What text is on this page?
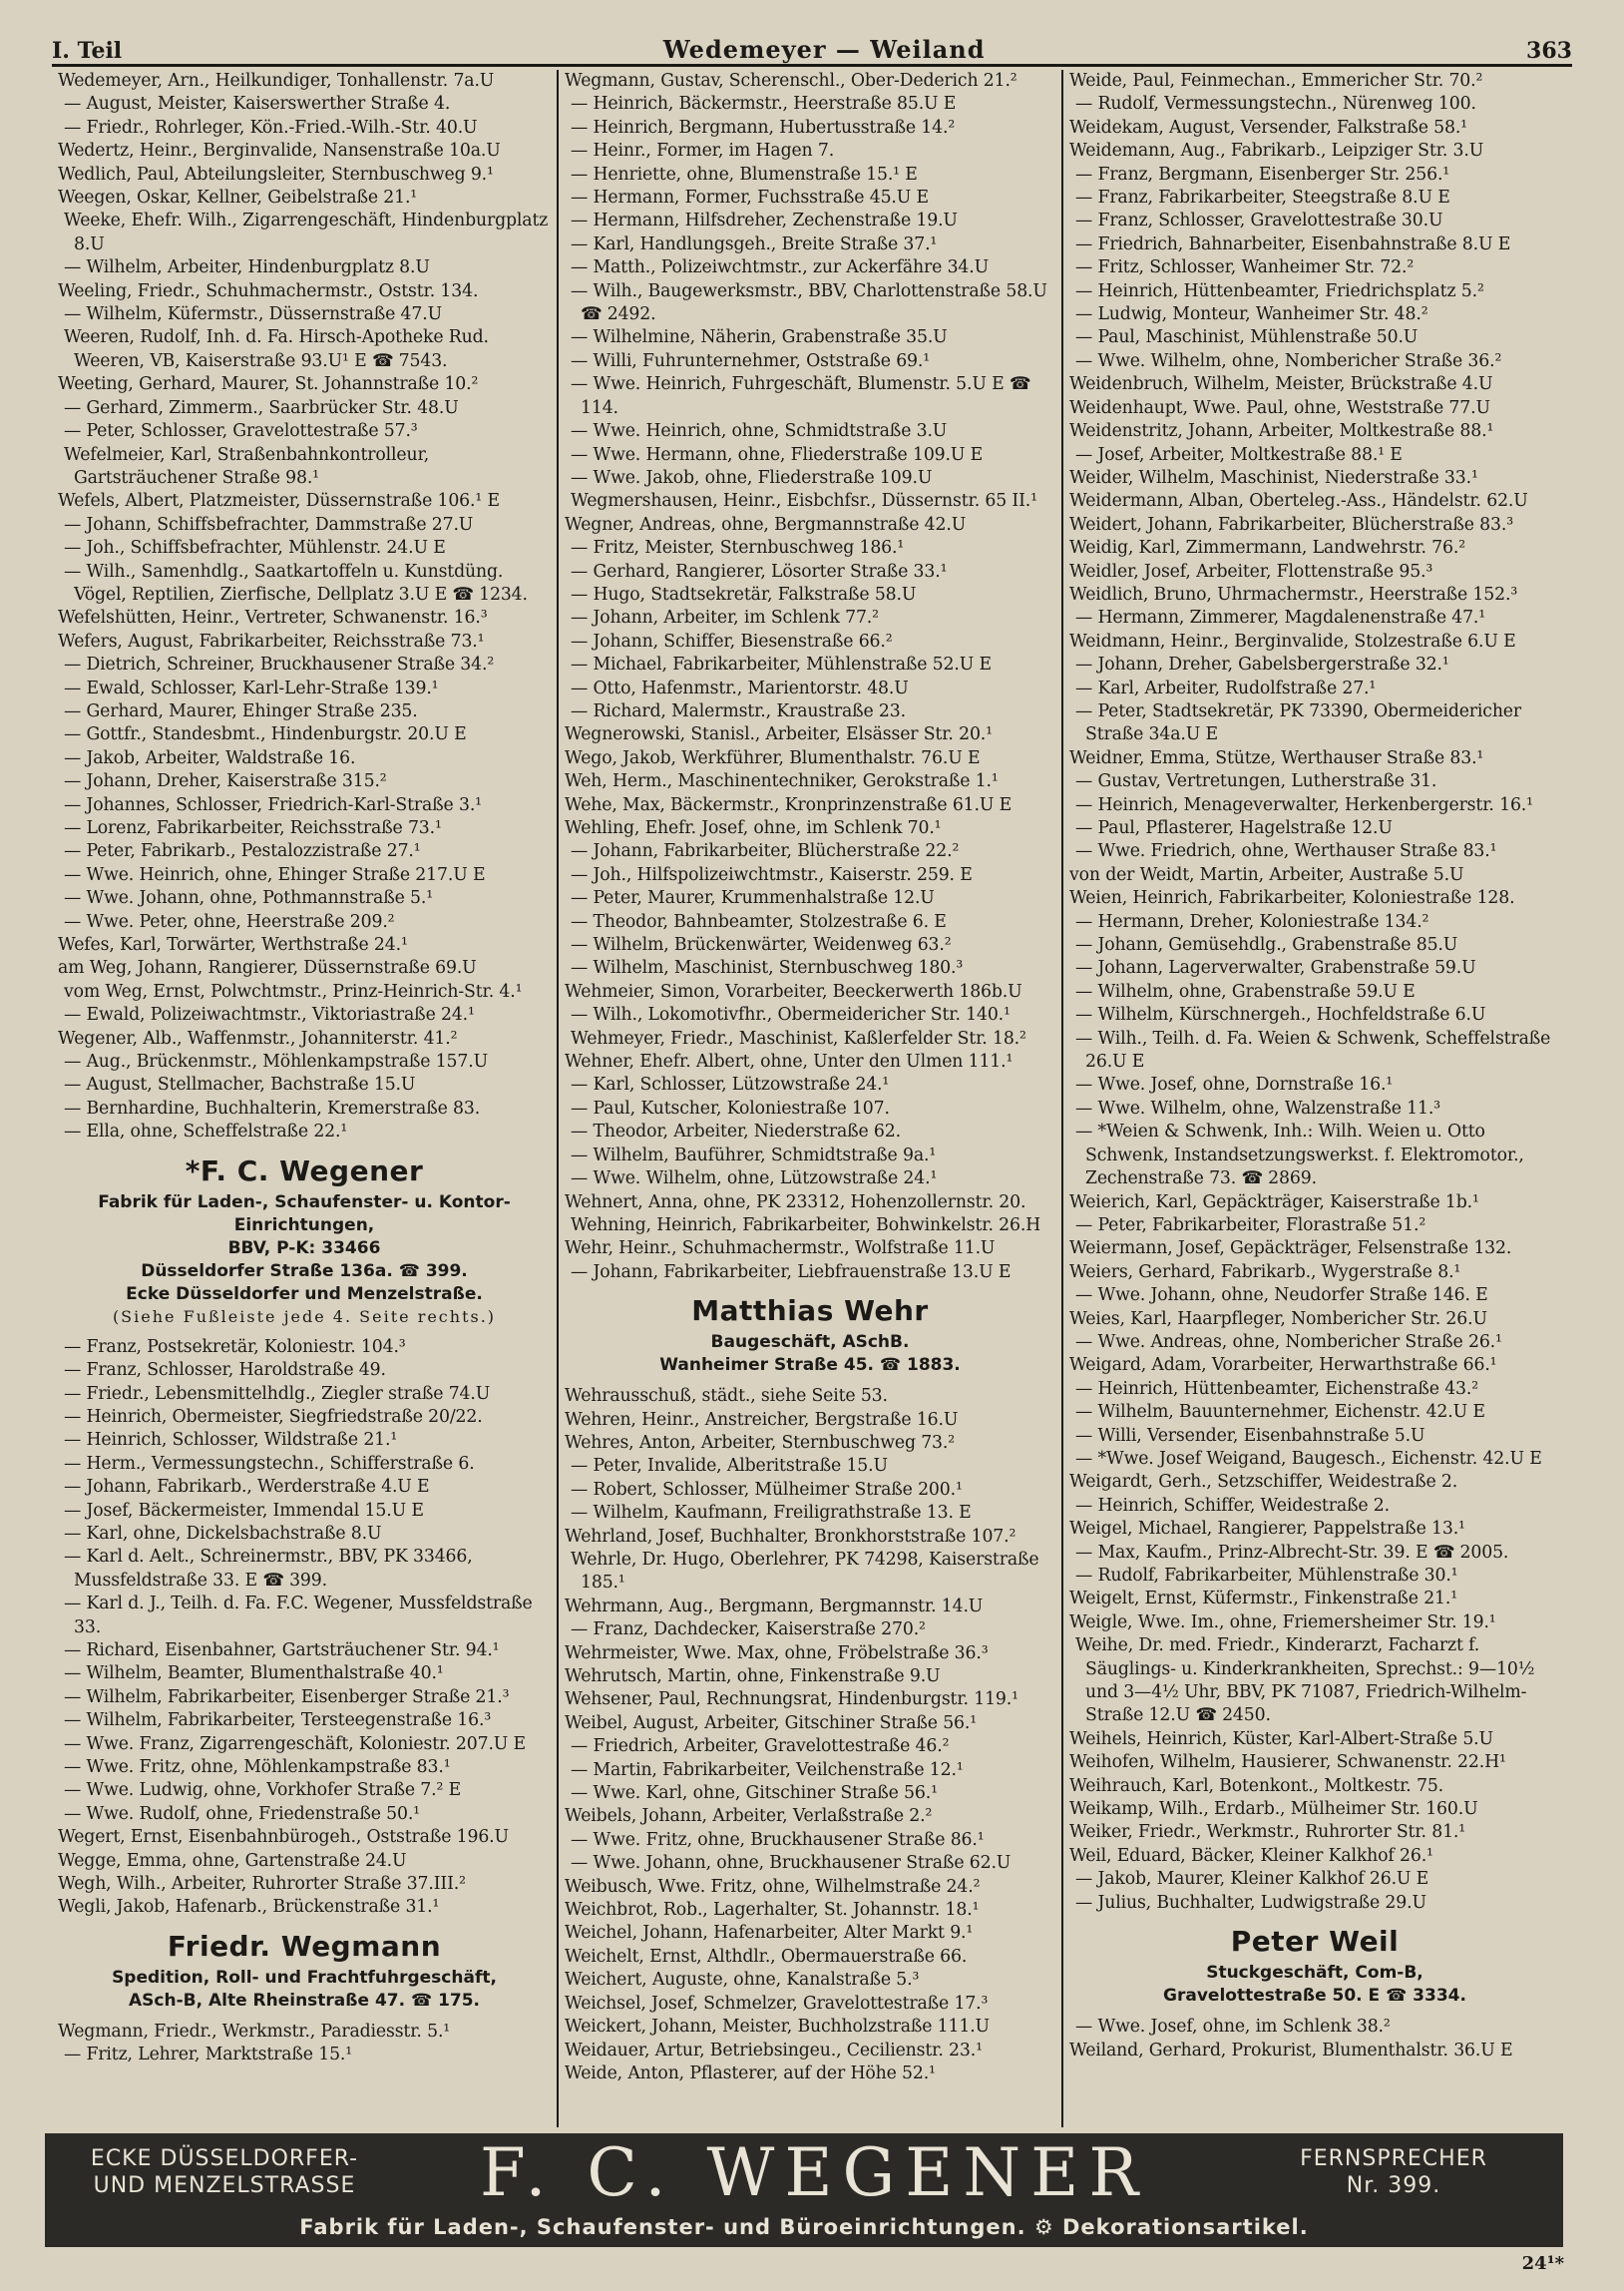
I. Teil	Wedemeyer — Weiland	363
Wedemeyer, Arn., Heilkundiger, Tonhallenstr. 7a.U
— August, Meister, Kaiserswerther Straße 4.
— Friedr., Rohrleger, Kön.-Fried.-Wilh.-Str. 40.U
Wedertz, Heinr., Berginvalide, Nansenstraße 10a.U
Wedlich, Paul, Abteilungsleiter, Sternbuschweg 9.¹
Weegen, Oskar, Kellner, Geibelstraße 21.¹
Weeke, Ehefr. Wilh., Zigarrengeschäft, Hindenburgplatz 8.U
— Wilhelm, Arbeiter, Hindenburgplatz 8.U
Weeling, Friedr., Schuhmachermstr., Oststr. 134.
— Wilhelm, Küfermstr., Düssernstraße 47.U
Weeren, Rudolf, Inh. d. Fa. Hirsch-Apotheke Rud. Weeren, VB, Kaiserstraße 93.U¹ E ☎ 7543.
Weeting, Gerhard, Maurer, St. Johannstraße 10.²
— Gerhard, Zimmerm., Saarbrücker Str. 48.U
— Peter, Schlosser, Gravelottestraße 57.³
Wefelmeier, Karl, Straßenbahnkontrolleur, Gartsträuchener Straße 98.¹
Wefels, Albert, Platzmeister, Düssernstraße 106.¹ E
— Johann, Schiffsbefrachter, Dammstraße 27.U
— Joh., Schiffsbefrachter, Mühlenstr. 24.U E
— Wilh., Samenhdlg., Saatkartoffeln u. Kunstdüng. Vögel, Reptilien, Zierfische, Dellplatz 3.U E ☎ 1234.
Wefelshütten, Heinr., Vertreter, Schwanenstr. 16.³
Wefers, August, Fabrikarbeiter, Reichsstraße 73.¹
— Dietrich, Schreiner, Bruckhausener Straße 34.²
— Ewald, Schlosser, Karl-Lehr-Straße 139.¹
— Gerhard, Maurer, Ehinger Straße 235.
— Gottfr., Standesbmt., Hindenburgstr. 20.U E
— Jakob, Arbeiter, Waldstraße 16.
— Johann, Dreher, Kaiserstraße 315.²
— Johannes, Schlosser, Friedrich-Karl-Straße 3.¹
— Lorenz, Fabrikarbeiter, Reichsstraße 73.¹
— Peter, Fabrikarb., Pestalozzistraße 27.¹
— Wwe. Heinrich, ohne, Ehinger Straße 217.U E
— Wwe. Johann, ohne, Pothmannstraße 5.¹
— Wwe. Peter, ohne, Heerstraße 209.²
Wefes, Karl, Torwärter, Werthstraße 24.¹
am Weg, Johann, Rangierer, Düssernstraße 69.U
vom Weg, Ernst, Polwchtmstr., Prinz-Heinrich-Str. 4.¹
— Ewald, Polizeiwachtmstr., Viktoriastraße 24.¹
Wegener, Alb., Waffenmstr., Johanniterstr. 41.²
— Aug., Brückenmstr., Möhlenkampstraße 157.U
— August, Stellmacher, Bachstraße 15.U
— Bernhardine, Buchhalterin, Kremerstraße 83.
— Ella, ohne, Scheffelstraße 22.¹
*F. C. Wegener
Fabrik für Laden-, Schaufenster- u. Kontor-Einrichtungen,
BBV, P-K: 33466
Düsseldorfer Straße 136a. ☎ 399.
Ecke Düsseldorfer und Menzelstraße.
(Siehe Fußleiste jede 4. Seite rechts.)
— Franz, Postsekretär, Koloniestr. 104.³
— Franz, Schlosser, Haroldstraße 49.
— Friedr., Lebensmittelhdlg., Ziegler straße 74.U
— Heinrich, Obermeister, Siegfriedstraße 20/22.
— Heinrich, Schlosser, Wildstraße 21.¹
— Herm., Vermessungstechn., Schifferstraße 6.
— Johann, Fabrikarb., Werderstraße 4.U E
— Josef, Bäckermeister, Immendal 15.U E
— Karl, ohne, Dickelsbachstraße 8.U
— Karl d. Aelt., Schreinermstr., BBV, PK 33466, Mussfeldstraße 33. E ☎ 399.
— Karl d. J., Teilh. d. Fa. F.C. Wegener, Mussfeldstraße 33.
— Richard, Eisenbahner, Gartsträuchener Str. 94.¹
— Wilhelm, Beamter, Blumenthalstraße 40.¹
— Wilhelm, Fabrikarbeiter, Eisenberger Straße 21.³
— Wilhelm, Fabrikarbeiter, Tersteegenstraße 16.³
— Wwe. Franz, Zigarrengeschäft, Koloniestr. 207.U E
— Wwe. Fritz, ohne, Möhlenkampstraße 83.¹
— Wwe. Ludwig, ohne, Vorkhofer Straße 7.² E
— Wwe. Rudolf, ohne, Friedenstraße 50.¹
Wegert, Ernst, Eisenbahnbürogeh., Oststraße 196.U
Wegge, Emma, ohne, Gartenstraße 24.U
Wegh, Wilh., Arbeiter, Ruhrorter Straße 37.III.²
Wegli, Jakob, Hafenarb., Brückenstraße 31.¹
Friedr. Wegmann
Spedition, Roll- und Frachtfuhrgeschäft,
ASch-B, Alte Rheinstraße 47. ☎ 175.
Wegmann, Friedr., Werkmstr., Paradiesstr. 5.¹
— Fritz, Lehrer, Marktstraße 15.¹
Wegmann, Gustav, Scherenschl., Ober-Dederich 21.²
— Heinrich, Bäckermstr., Heerstraße 85.U E
— Heinrich, Bergmann, Hubertusstraße 14.²
— Heinr., Former, im Hagen 7.
— Henriette, ohne, Blumenstraße 15.¹ E
— Hermann, Former, Fuchsstraße 45.U E
— Hermann, Hilfsdreher, Zechenstraße 19.U
— Karl, Handlungsgeh., Breite Straße 37.¹
— Matth., Polizeiwchtmstr., zur Ackerfähre 34.U
— Wilh., Baugewerksmstr., BBV, Charlottenstraße 58.U ☎ 2492.
— Wilhelmine, Näherin, Grabenstraße 35.U
— Willi, Fuhrunternehmer, Oststraße 69.¹
— Wwe. Heinrich, Fuhrgeschäft, Blumenstr. 5.U E ☎ 114.
— Wwe. Heinrich, ohne, Schmidtstraße 3.U
— Wwe. Hermann, ohne, Fliederstraße 109.U E
— Wwe. Jakob, ohne, Fliederstraße 109.U
Wegmershausen, Heinr., Eisbchfsr., Düssernstr. 65 II.¹
Wegner, Andreas, ohne, Bergmannstraße 42.U
— Fritz, Meister, Sternbuschweg 186.¹
— Gerhard, Rangierer, Lösorter Straße 33.¹
— Hugo, Stadtsekretär, Falkstraße 58.U
— Johann, Arbeiter, im Schlenk 77.²
— Johann, Schiffer, Biesenstraße 66.²
— Michael, Fabrikarbeiter, Mühlenstraße 52.U E
— Otto, Hafenmstr., Marientorstr. 48.U
— Richard, Malermstr., Kraustraße 23.
Wegnerowski, Stanisl., Arbeiter, Elsässer Str. 20.¹
Wego, Jakob, Werkführer, Blumenthalstr. 76.U E
Weh, Herm., Maschinentechniker, Gerokstraße 1.¹
Wehe, Max, Bäckermstr., Kronprinzenstraße 61.U E
Wehling, Ehefr. Josef, ohne, im Schlenk 70.¹
— Johann, Fabrikarbeiter, Blücherstraße 22.²
— Joh., Hilfspolizeiwchtmstr., Kaiserstr. 259. E
— Peter, Maurer, Krummenhalstraße 12.U
— Theodor, Bahnbeamter, Stolzestraße 6. E
— Wilhelm, Brückenwärter, Weidenweg 63.²
— Wilhelm, Maschinist, Sternbuschweg 180.³
Wehmeier, Simon, Vorarbeiter, Beeckerwerth 186b.U
— Wilh., Lokomotivfhr., Obermeidericher Str. 140.¹
Wehmeyer, Friedr., Maschinist, Kaßlerfelder Str. 18.²
Wehner, Ehefr. Albert, ohne, Unter den Ulmen 111.¹
— Karl, Schlosser, Lützowstraße 24.¹
— Paul, Kutscher, Koloniestraße 107.
— Theodor, Arbeiter, Niederstraße 62.
— Wilhelm, Bauführer, Schmidtstraße 9a.¹
— Wwe. Wilhelm, ohne, Lützowstraße 24.¹
Wehnert, Anna, ohne, PK 23312, Hohenzollernstr. 20.
Wehning, Heinrich, Fabrikarbeiter, Bohwinkelstr. 26.H
Wehr, Heinr., Schuhmachermstr., Wolfstraße 11.U
— Johann, Fabrikarbeiter, Liebfrauenstraße 13.U E
Matthias Wehr
Baugeschäft, ASchB.
Wanheimer Straße 45. ☎ 1883.
Wehrausschuß, städt., siehe Seite 53.
Wehren, Heinr., Anstreicher, Bergstraße 16.U
Wehres, Anton, Arbeiter, Sternbuschweg 73.²
— Peter, Invalide, Alberitstraße 15.U
— Robert, Schlosser, Mülheimer Straße 200.¹
— Wilhelm, Kaufmann, Freiligrathstraße 13. E
Wehrland, Josef, Buchhalter, Bronkhorststraße 107.²
Wehrle, Dr. Hugo, Oberlehrer, PK 74298, Kaiserstraße 185.¹
Wehrmann, Aug., Bergmann, Bergmannstr. 14.U
— Franz, Dachdecker, Kaiserstraße 270.²
Wehrmeister, Wwe. Max, ohne, Fröbelstraße 36.³
Wehrutsch, Martin, ohne, Finkenstraße 9.U
Wehsener, Paul, Rechnungsrat, Hindenburgstr. 119.¹
Weibel, August, Arbeiter, Gitschiner Straße 56.¹
— Friedrich, Arbeiter, Gravelottestraße 46.²
— Martin, Fabrikarbeiter, Veilchenstraße 12.¹
— Wwe. Karl, ohne, Gitschiner Straße 56.¹
Weibels, Johann, Arbeiter, Verlaßstraße 2.²
— Wwe. Fritz, ohne, Bruckhausener Straße 86.¹
— Wwe. Johann, ohne, Bruckhausener Straße 62.U
Weibusch, Wwe. Fritz, ohne, Wilhelmstraße 24.²
Weichbrot, Rob., Lagerhalter, St. Johannstr. 18.¹
Weichel, Johann, Hafenarbeiter, Alter Markt 9.¹
Weichelt, Ernst, Althdlr., Obermauerstraße 66.
Weichert, Auguste, ohne, Kanalstraße 5.³
Weichsel, Josef, Schmelzer, Gravelottestraße 17.³
Weickert, Johann, Meister, Buchholzstraße 111.U
Weidauer, Artur, Betriebsingeu., Cecilienstr. 23.¹
Weide, Anton, Pflasterer, auf der Höhe 52.¹
Weide, Paul, Feinmechan., Emmericher Str. 70.²
— Rudolf, Vermessungstechn., Nürenweg 100.
Weidekam, August, Versender, Falkstraße 58.¹
Weidemann, Aug., Fabrikarb., Leipziger Str. 3.U
— Franz, Bergmann, Eisenberger Str. 256.¹
— Franz, Fabrikarbeiter, Steegstraße 8.U E
— Franz, Schlosser, Gravelottestraße 30.U
— Friedrich, Bahnarbeiter, Eisenbahnstraße 8.U E
— Fritz, Schlosser, Wanheimer Str. 72.²
— Heinrich, Hüttenbeamter, Friedrichsplatz 5.²
— Ludwig, Monteur, Wanheimer Str. 48.²
— Paul, Maschinist, Mühlenstraße 50.U
— Wwe. Wilhelm, ohne, Nombericher Straße 36.²
Weidenbruch, Wilhelm, Meister, Brückstraße 4.U
Weidenhaupt, Wwe. Paul, ohne, Weststraße 77.U
Weidenstritz, Johann, Arbeiter, Moltkestraße 88.¹
— Josef, Arbeiter, Moltkestraße 88.¹ E
Weider, Wilhelm, Maschinist, Niederstraße 33.¹
Weidermann, Alban, Oberteleg.-Ass., Händelstr. 62.U
Weidert, Johann, Fabrikarbeiter, Blücherstraße 83.³
Weidig, Karl, Zimmermann, Landwehrstr. 76.²
Weidler, Josef, Arbeiter, Flottenstraße 95.³
Weidlich, Bruno, Uhrmachermstr., Heerstraße 152.³
— Hermann, Zimmerer, Magdalenenstraße 47.¹
Weidmann, Heinr., Berginvalide, Stolzestraße 6.U E
— Johann, Dreher, Gabelsbergerstraße 32.¹
— Karl, Arbeiter, Rudolfstraße 27.¹
— Peter, Stadtsekretär, PK 73390, Obermeidericher Straße 34a.U E
Weidner, Emma, Stütze, Werthauser Straße 83.¹
— Gustav, Vertretungen, Lutherstraße 31.
— Heinrich, Menageverwalter, Herkenbergerstr. 16.¹
— Paul, Pflasterer, Hagelstraße 12.U
— Wwe. Friedrich, ohne, Werthauser Straße 83.¹
von der Weidt, Martin, Arbeiter, Austraße 5.U
Weien, Heinrich, Fabrikarbeiter, Koloniestraße 128.
— Hermann, Dreher, Koloniestraße 134.²
— Johann, Gemüsehdlg., Grabenstraße 85.U
— Johann, Lagerverwalter, Grabenstraße 59.U
— Wilhelm, ohne, Grabenstraße 59.U E
— Wilhelm, Kürschnergeh., Hochfeldstraße 6.U
— Wilh., Teilh. d. Fa. Weien & Schwenk, Scheffelstraße 26.U E
— Wwe. Josef, ohne, Dornstraße 16.¹
— Wwe. Wilhelm, ohne, Walzenstraße 11.³
— *Weien & Schwenk, Inh.: Wilh. Weien u. Otto Schwenk, Instandsetzungswerkst. f. Elektromotor., Zechenstraße 73. ☎ 2869.
Weierich, Karl, Gepäckträger, Kaiserstraße 1b.¹
— Peter, Fabrikarbeiter, Florastraße 51.²
Weiermann, Josef, Gepäckträger, Felsenstraße 132.
Weiers, Gerhard, Fabrikarb., Wygerstraße 8.¹
— Wwe. Johann, ohne, Neudorfer Straße 146. E
Weies, Karl, Haarpfleger, Nombericher Str. 26.U
— Wwe. Andreas, ohne, Nombericher Straße 26.¹
Weigard, Adam, Vorarbeiter, Herwarthstraße 66.¹
— Heinrich, Hüttenbeamter, Eichenstraße 43.²
— Wilhelm, Bauunternehmer, Eichenstr. 42.U E
— Willi, Versender, Eisenbahnstraße 5.U
— *Wwe. Josef Weigand, Baugesch., Eichenstr. 42.U E
Weigardt, Gerh., Setzschiffer, Weidestraße 2.
— Heinrich, Schiffer, Weidestraße 2.
Weigel, Michael, Rangierer, Pappelstraße 13.¹
— Max, Kaufm., Prinz-Albrecht-Str. 39. E ☎ 2005.
— Rudolf, Fabrikarbeiter, Mühlenstraße 30.¹
Weigelt, Ernst, Küfermstr., Finkenstraße 21.¹
Weigle, Wwe. Im., ohne, Friemersheimer Str. 19.¹
Weihe, Dr. med. Friedr., Kinderarzt, Facharzt f. Säuglings- u. Kinderkrankheiten, Sprechst.: 9—10½ und 3—4½ Uhr, BBV, PK 71087, Friedrich-Wilhelm-Straße 12.U ☎ 2450.
Weihels, Heinrich, Küster, Karl-Albert-Straße 5.U
Weihofen, Wilhelm, Hausierer, Schwanenstr. 22.H¹
Weihrauch, Karl, Botenkont., Moltkestr. 75.
Weikamp, Wilh., Erdarb., Mülheimer Str. 160.U
Weiker, Friedr., Werkmstr., Ruhrorter Str. 81.¹
Weil, Eduard, Bäcker, Kleiner Kalkhof 26.¹
— Jakob, Maurer, Kleiner Kalkhof 26.U E
— Julius, Buchhalter, Ludwigstraße 29.U
Peter Weil
Stuckgeschäft, Com-B,
Gravelottestraße 50. E ☎ 3334.
— Wwe. Josef, ohne, im Schlenk 38.²
Weiland, Gerhard, Prokurist, Blumenthalstr. 36.U E
ECKE DÜSSELDORFER-
UND MENZELSTRASSE	F. C. WEGENER	FERNSPRECHER
Nr. 399.
Fabrik für Laden-, Schaufenster- und Büroeinrichtungen. ⚙ Dekorationsartikel.
24¹*
